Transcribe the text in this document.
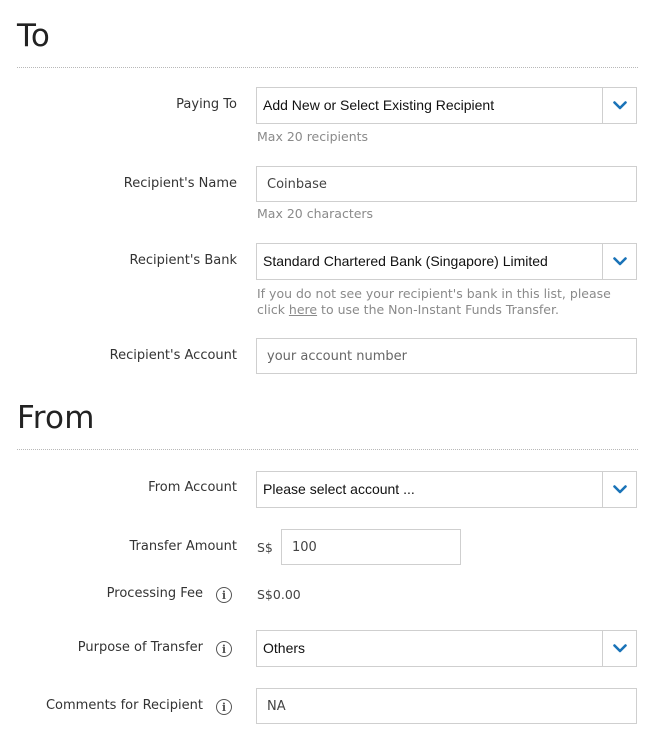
To
Paying To Add New or Select Existing Recipient
Max 20 recipients
Recipient's Name
Coinbase
Max 20 characters
Recipient's Bank Standard Chartered Bank (Singapore) Limited
If you do not see your recipient's bank in this list, please click here to use the Non-Instant Funds Transfer.
Recipient's Account
your account number
From
From Account Please select account ...
Transfer Amount S$
100
Processing Fee i S$0.00
Purpose of Transfer i	Others
Comments for Recipient i
NA
